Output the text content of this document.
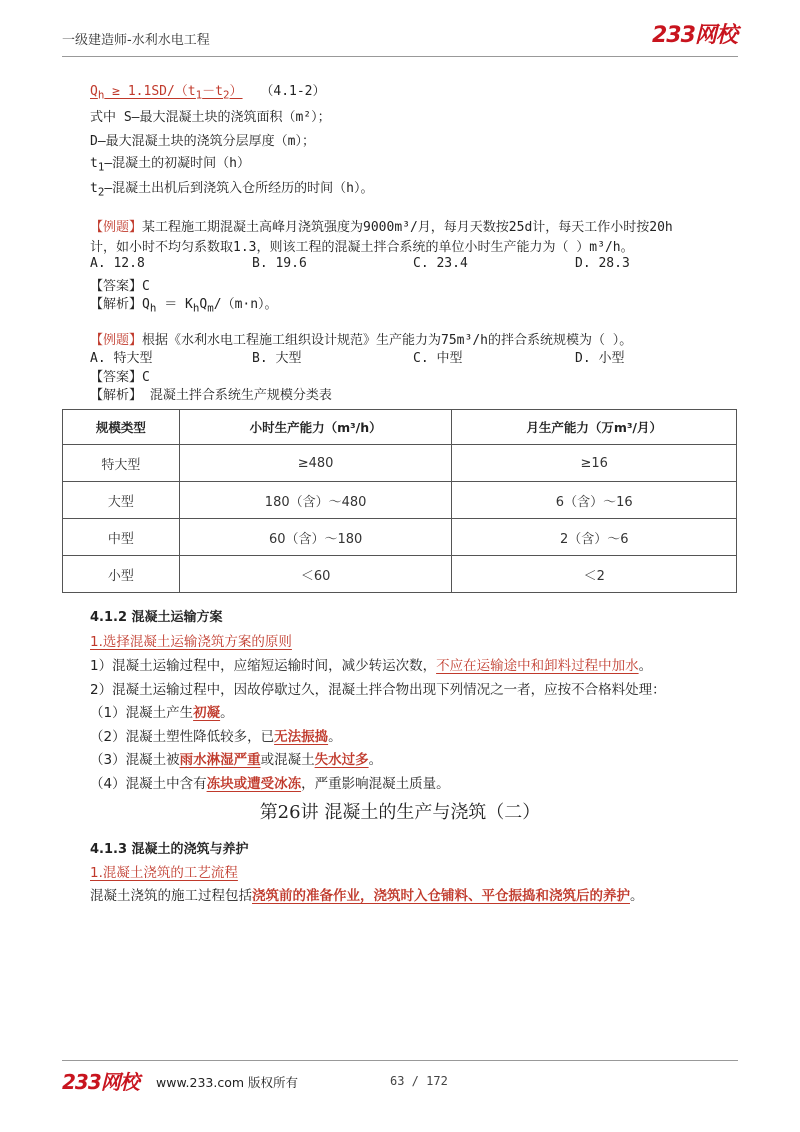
一级建造师-水利水电工程	233网校
$Q_h \ge 1.1SD/(t_1-t_2)$ （4.1-2）
式中 S—最大混凝土块的浇筑面积（m²）；
D—最大混凝土块的浇筑分层厚度（m）；
$t_1—$混凝土的初凝时间（h）
$t_2—$混凝土出机后到浇筑入仓所经历的时间（h）。
【例题】某工程施工期混凝土高峰月浇筑强度为9000m³/月，每月天数按25d计，每天工作小时按20h
计，如小时不均匀系数取1.3，则该工程的混凝土拌合系统的单位小时生产能力为（ ）m³/h。
A. 12.8	B. 19.6	C. 23.4	D. 28.3
【答案】C
【解析】$Q_h = K_hQ_m/(m\cdot n)$。
【例题】根据《水利水电工程施工组织设计规范》生产能力为75m³/h的拌合系统规模为（ ）。
A. 特大型	B. 大型	C. 中型	D. 小型
【答案】C
【解析】 混凝土拌合系统生产规模分类表
规模类型	小时生产能力（m³/h）	月生产能力（万m³/月）
特大型	≥480	≥16
大型	180（含）～480	6（含）～16
中型	60（含）～180	2（含）～6
小型	＜60	＜2
4.1.2 混凝土运输方案
1.选择混凝土运输浇筑方案的原则
1）混凝土运输过程中，应缩短运输时间，减少转运次数，不应在运输途中和卸料过程中加水。
2）混凝土运输过程中，因故停歇过久，混凝土拌合物出现下列情况之一者，应按不合格料处理：
（1）混凝土产生初凝。
（2）混凝土塑性降低较多，已无法振捣。
（3）混凝土被雨水淋湿严重或混凝土失水过多。
（4）混凝土中含有冻块或遭受冰冻，严重影响混凝土质量。
第26讲 混凝土的生产与浇筑（二）
4.1.3 混凝土的浇筑与养护
1.混凝土浇筑的工艺流程
混凝土浇筑的施工过程包括浇筑前的准备作业，浇筑时入仓铺料、平仓振捣和浇筑后的养护。
233网校 www.233.com 版权所有	63 / 172
